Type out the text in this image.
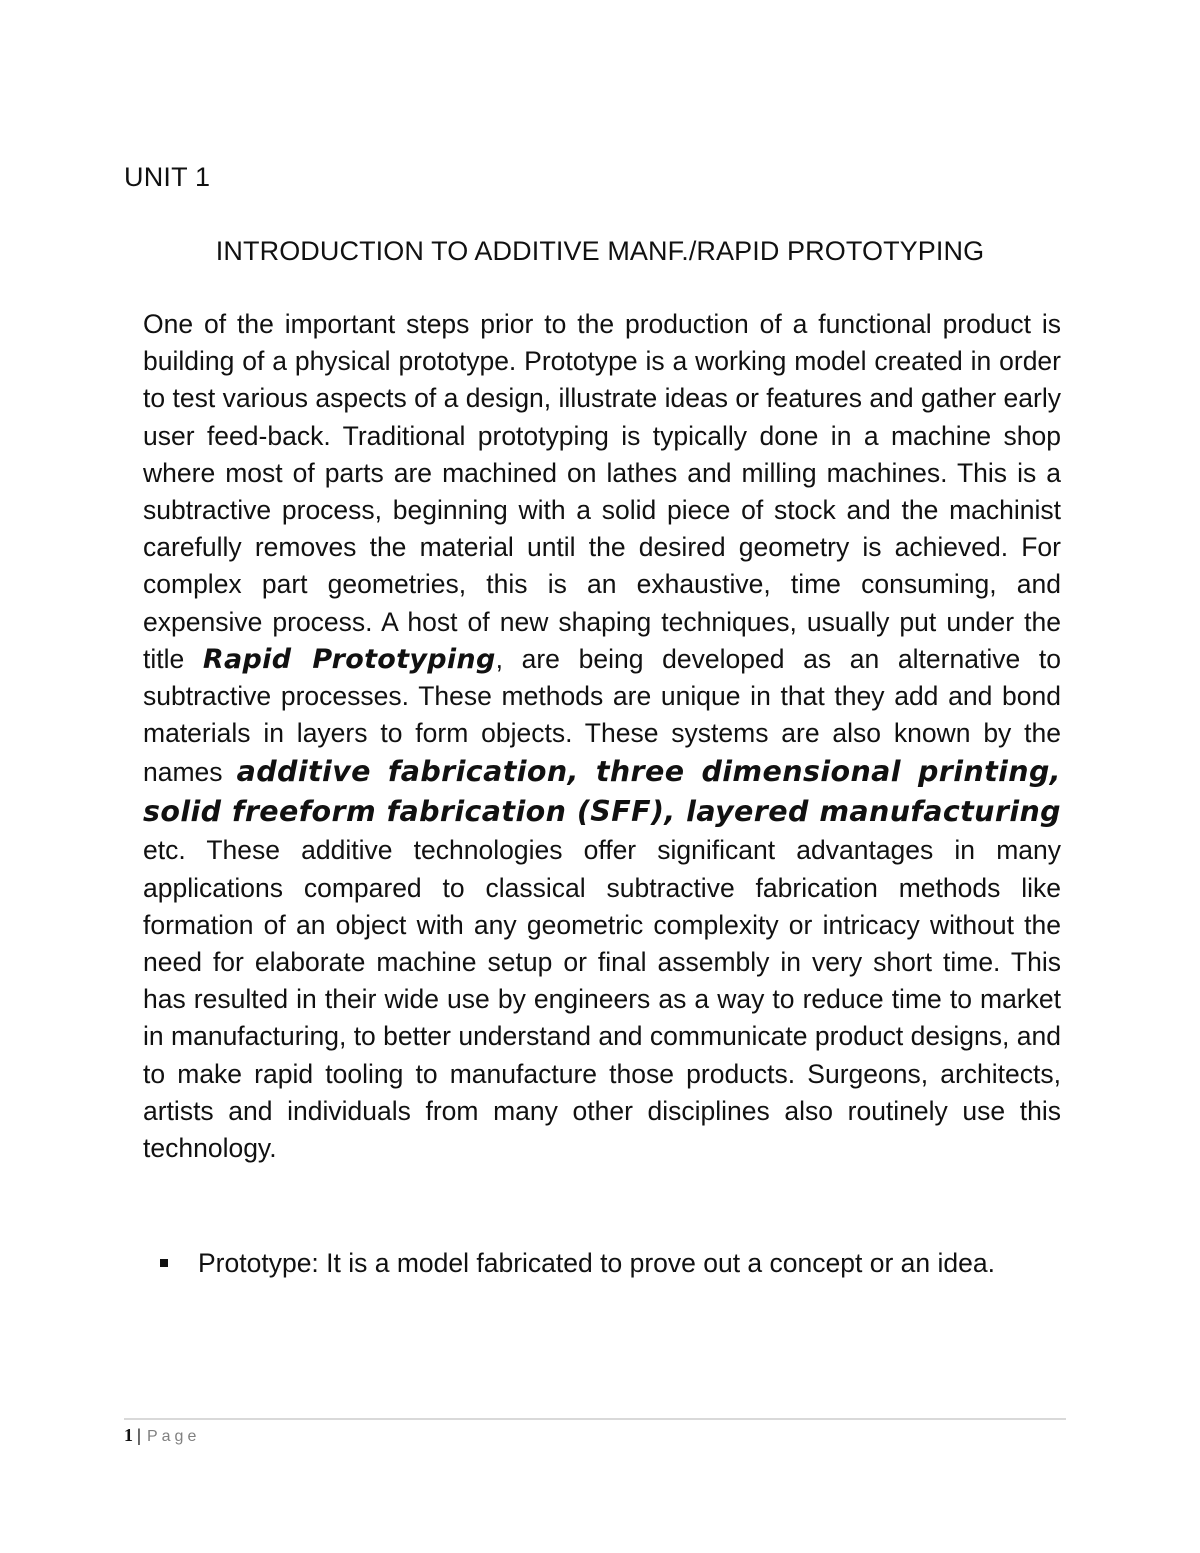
UNIT 1
INTRODUCTION TO ADDITIVE MANF./RAPID PROTOTYPING

One of the important steps prior to the production of a functional product is building of a physical prototype. Prototype is a working model created in order to test various aspects of a design, illustrate ideas or features and gather early user feed-back. Traditional prototyping is typically done in a machine shop where most of parts are machined on lathes and milling machines. This is a subtractive process, beginning with a solid piece of stock and the machinist carefully removes the material until the desired geometry is achieved. For complex part geometries, this is an exhaustive, time consuming, and expensive process. A host of new shaping techniques, usually put under the title Rapid Prototyping, are being developed as an alternative to subtractive processes. These methods are unique in that they add and bond materials in layers to form objects. These systems are also known by the names additive fabrication, three dimensional printing, solid freeform fabrication (SFF), layered manufacturing etc. These additive technologies offer significant advantages in many applications compared to classical subtractive fabrication methods like formation of an object with any geometric complexity or intricacy without the need for elaborate machine setup or final assembly in very short time. This has resulted in their wide use by engineers as a way to reduce time to market in manufacturing, to better understand and communicate product designs, and to make rapid tooling to manufacture those products. Surgeons, architects, artists and individuals from many other disciplines also routinely use this technology.

Prototype: It is a model fabricated to prove out a concept or an idea.
1 | Page
